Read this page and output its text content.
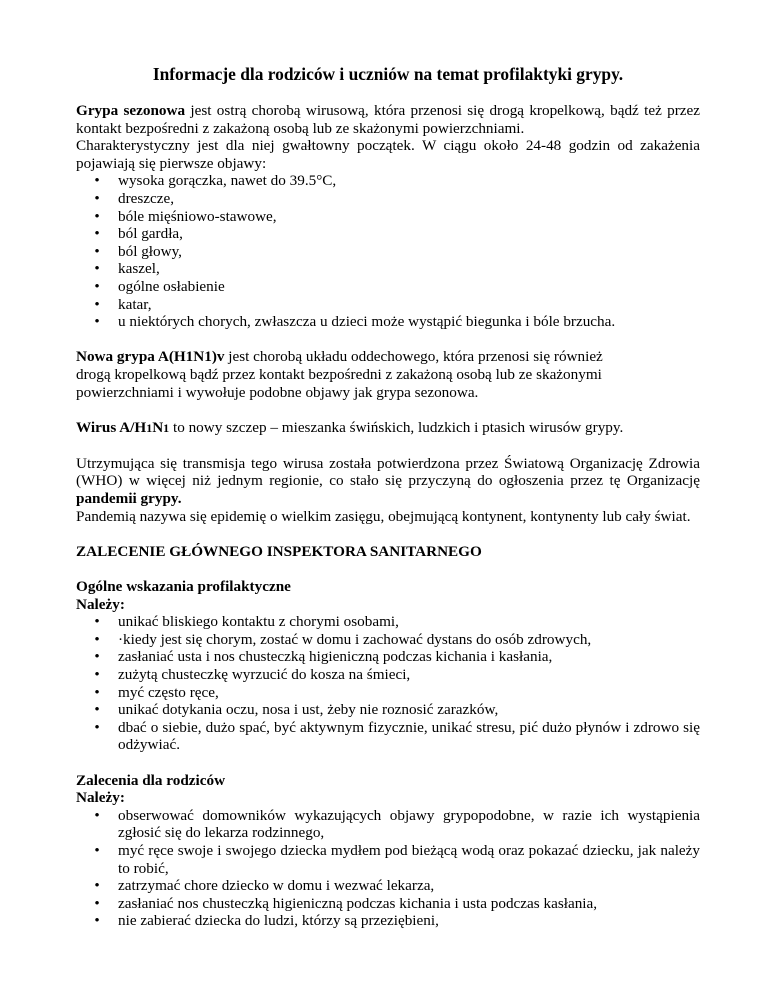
Informacje dla rodziców i uczniów na temat profilaktyki grypy.

Grypa sezonowa jest ostrą chorobą wirusową, która przenosi się drogą kropelkową, bądź też przez kontakt bezpośredni z zakażoną osobą lub ze skażonymi powierzchniami.

Charakterystyczny jest dla niej gwałtowny początek. W ciągu około 24-48 godzin od zakażenia pojawiają się pierwsze objawy:

• wysoka gorączka, nawet do 39.5°C,
• dreszcze,
• bóle mięśniowo-stawowe,
• ból gardła,
• ból głowy,
• kaszel,
• ogólne osłabienie
• katar,
• u niektórych chorych, zwłaszcza u dzieci może wystąpić biegunka i bóle brzucha.

Nowa grypa A(H1N1)v jest chorobą układu oddechowego, która przenosi się również
drogą kropelkową bądź przez kontakt bezpośredni z zakażoną osobą lub ze skażonymi
powierzchniami i wywołuje podobne objawy jak grypa sezonowa.

Wirus A/H1N1 to nowy szczep – mieszanka świńskich, ludzkich i ptasich wirusów grypy.

Utrzymująca się transmisja tego wirusa została potwierdzona przez Światową Organizację Zdrowia (WHO) w więcej niż jednym regionie, co stało się przyczyną do ogłoszenia przez tę Organizację pandemii grypy.

Pandemią nazywa się epidemię o wielkim zasięgu, obejmującą kontynent, kontynenty lub cały świat.

ZALECENIE GŁÓWNEGO INSPEKTORA SANITARNEGO

Ogólne wskazania profilaktyczne

Należy:

• unikać bliskiego kontaktu z chorymi osobami,
• ·kiedy jest się chorym, zostać w domu i zachować dystans do osób zdrowych,
• zasłaniać usta i nos chusteczką higieniczną podczas kichania i kasłania,
• zużytą chusteczkę wyrzucić do kosza na śmieci,
• myć często ręce,
• unikać dotykania oczu, nosa i ust, żeby nie roznosić zarazków,
• dbać o siebie, dużo spać, być aktywnym fizycznie, unikać stresu, pić dużo płynów i zdrowo się odżywiać.

Zalecenia dla rodziców

Należy:

• obserwować domowników wykazujących objawy grypopodobne, w razie ich wystąpienia zgłosić się do lekarza rodzinnego,
• myć ręce swoje i swojego dziecka mydłem pod bieżącą wodą oraz pokazać dziecku, jak należy to robić,
• zatrzymać chore dziecko w domu i wezwać lekarza,
• zasłaniać nos chusteczką higieniczną podczas kichania i usta podczas kasłania,
• nie zabierać dziecka do ludzi, którzy są przeziębieni,
